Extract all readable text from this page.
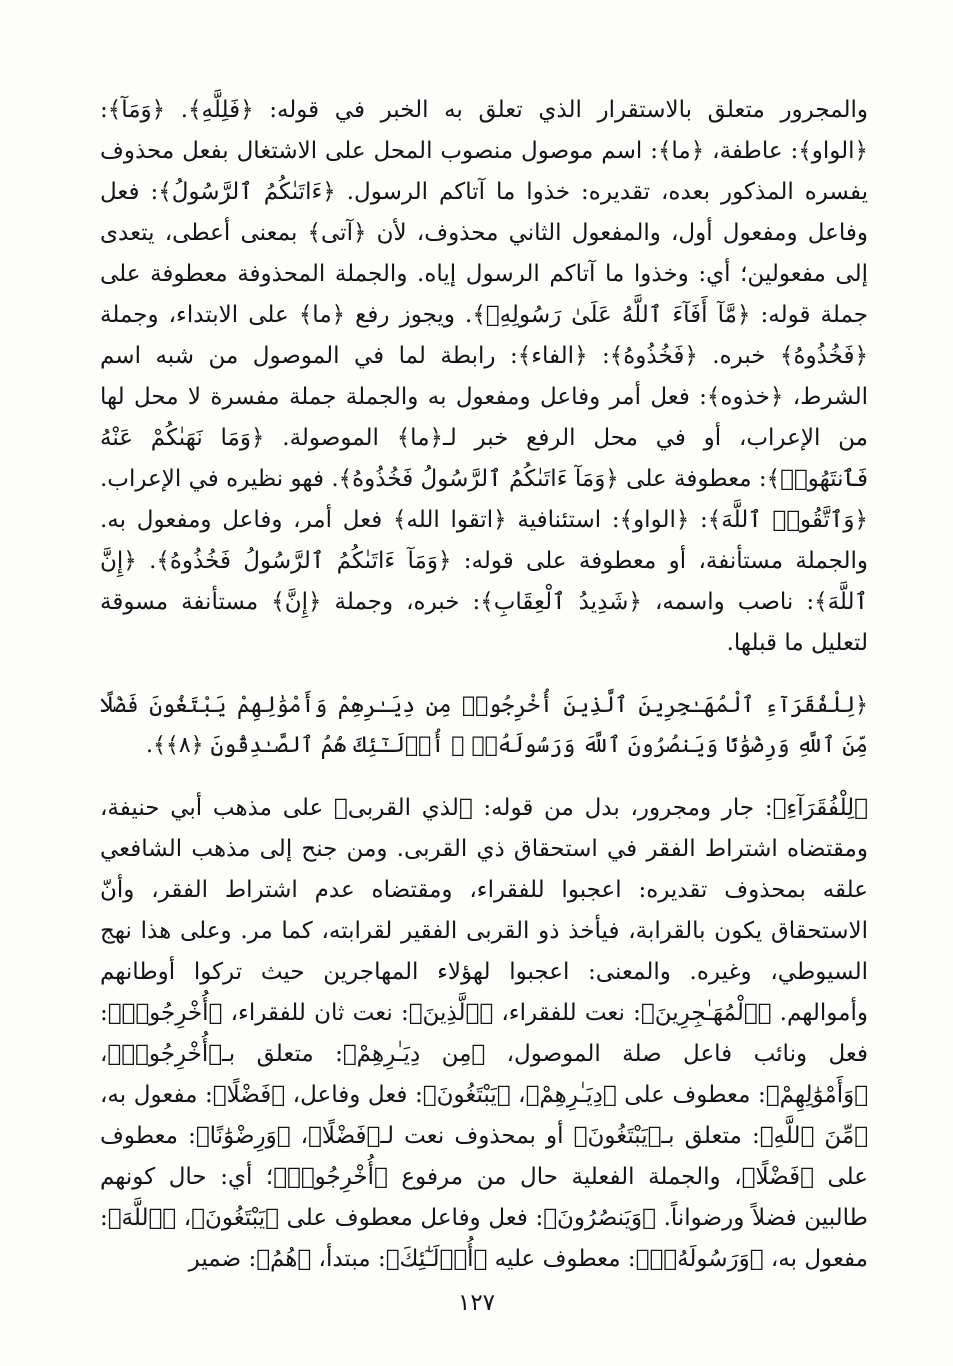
والمجرور متعلق بالاستقرار الذي تعلق به الخبر في قوله: ﴿فَلِلَّهِ﴾. ﴿وَمَآ﴾: ﴿الواو﴾: عاطفة، ﴿ما﴾: اسم موصول منصوب المحل على الاشتغال بفعل محذوف يفسره المذكور بعده، تقديره: خذوا ما آتاكم الرسول. ﴿ءَاتَىٰكُمُ ٱلرَّسُولُ﴾: فعل وفاعل ومفعول أول، والمفعول الثاني محذوف، لأن ﴿آتى﴾ بمعنى أعطى، يتعدى إلى مفعولين؛ أي: وخذوا ما آتاكم الرسول إياه. والجملة المحذوفة معطوفة على جملة قوله: ﴿مَّآ أَفَآءَ ٱللَّهُ عَلَىٰ رَسُولِهِۦ﴾. ويجوز رفع ﴿ما﴾ على الابتداء، وجملة ﴿فَخُذُوهُ﴾ خبره. ﴿فَخُذُوهُ﴾: ﴿الفاء﴾: رابطة لما في الموصول من شبه اسم الشرط، ﴿خذوه﴾: فعل أمر وفاعل ومفعول به والجملة جملة مفسرة لا محل لها من الإعراب، أو في محل الرفع خبر لـ﴿ما﴾ الموصولة. ﴿وَمَا نَهَىٰكُمْ عَنْهُ فَٱنتَهُوا۟﴾: معطوفة على ﴿وَمَآ ءَاتَىٰكُمُ ٱلرَّسُولُ فَخُذُوهُ﴾. فهو نظيره في الإعراب. ﴿وَٱتَّقُوا۟ ٱللَّهَ﴾: ﴿الواو﴾: استئنافية ﴿اتقوا الله﴾ فعل أمر، وفاعل ومفعول به. والجملة مستأنفة، أو معطوفة على قوله: ﴿وَمَآ ءَاتَىٰكُمُ ٱلرَّسُولُ فَخُذُوهُ﴾. ﴿إِنَّ ٱللَّهَ﴾: ناصب واسمه، ﴿شَدِيدُ ٱلْعِقَابِ﴾: خبره، وجملة ﴿إِنَّ﴾ مستأنفة مسوقة لتعليل ما قبلها.

﴿لِلْفُقَرَآءِ ٱلْمُهَـٰجِرِينَ ٱلَّذِينَ أُخْرِجُوا۟ مِن دِيَـٰرِهِمْ وَأَمْوَٰلِهِمْ يَبْتَغُونَ فَضْلًا مِّنَ ٱللَّهِ وَرِضْوَٰنًا وَيَنصُرُونَ ٱللَّهَ وَرَسُولَهُۥٓ ۚ أُو۟لَـٰٓئِكَ هُمُ ٱلصَّـٰدِقُونَ ﴿٨﴾﴾.

﴿لِلْفُقَرَآءِ﴾: جار ومجرور، بدل من قوله: ﴿لذي القربى﴾ على مذهب أبي حنيفة، ومقتضاه اشتراط الفقر في استحقاق ذي القربى. ومن جنح إلى مذهب الشافعي علقه بمحذوف تقديره: اعجبوا للفقراء، ومقتضاه عدم اشتراط الفقر، وأنّ الاستحقاق يكون بالقرابة، فيأخذ ذو القربى الفقير لقرابته، كما مر. وعلى هذا نهج السيوطي، وغيره. والمعنى: اعجبوا لهؤلاء المهاجرين حيث تركوا أوطانهم وأموالهم. ﴿ٱلْمُهَـٰجِرِينَ﴾: نعت للفقراء، ﴿ٱلَّذِينَ﴾: نعت ثان للفقراء، ﴿أُخْرِجُوا۟﴾: فعل ونائب فاعل صلة الموصول، ﴿مِن دِيَـٰرِهِمْ﴾: متعلق بـ﴿أُخْرِجُوا۟﴾، ﴿وَأَمْوَٰلِهِمْ﴾: معطوف على ﴿دِيَـٰرِهِمْ﴾، ﴿يَبْتَغُونَ﴾: فعل وفاعل، ﴿فَضْلًا﴾: مفعول به، ﴿مِّنَ ٱللَّهِ﴾: متعلق بـ﴿يَبْتَغُونَ﴾ أو بمحذوف نعت لـ﴿فَضْلًا﴾، ﴿وَرِضْوَٰنًا﴾: معطوف على ﴿فَضْلًا﴾، والجملة الفعلية حال من مرفوع ﴿أُخْرِجُوا۟﴾؛ أي: حال كونهم طالبين فضلاً ورضواناً. ﴿وَيَنصُرُونَ﴾: فعل وفاعل معطوف على ﴿يَبْتَغُونَ﴾، ﴿ٱللَّهَ﴾: مفعول به، ﴿وَرَسُولَهُۥٓ﴾: معطوف عليه ﴿أُو۟لَـٰٓئِكَ﴾: مبتدأ، ﴿هُمُ﴾: ضمير

١٢٧
